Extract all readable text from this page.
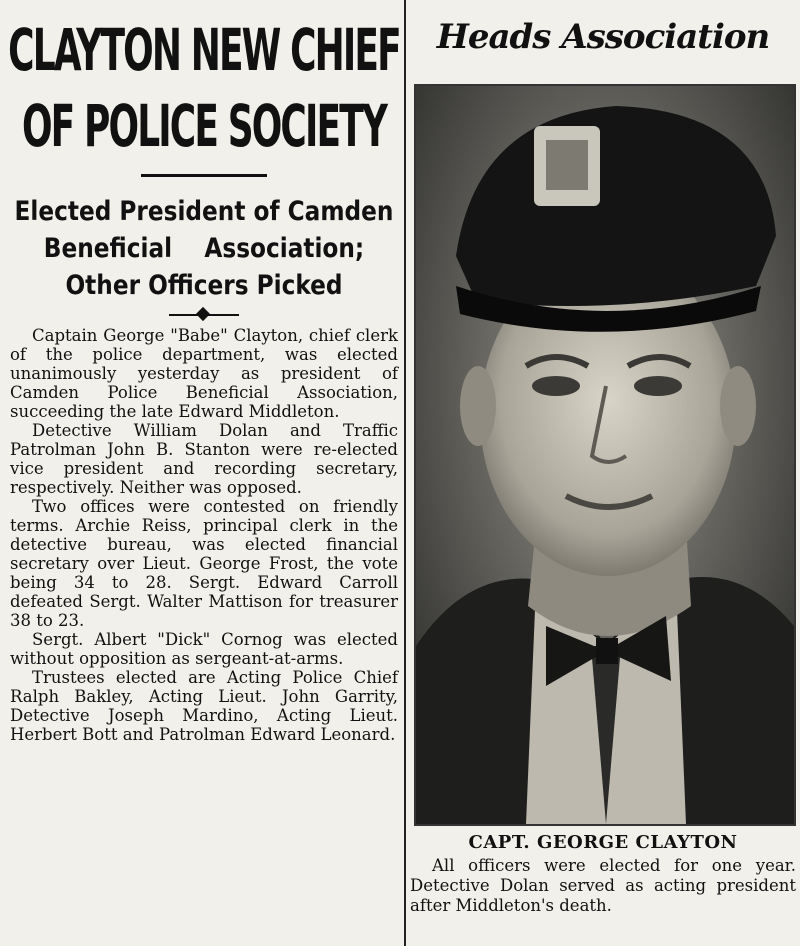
CLAYTON NEW CHIEF
OF POLICE SOCIETY
Elected President of Camden
Beneficial    Association;
Other Officers Picked

Captain George "Babe" Clayton, chief clerk of the police department, was elected unanimously yesterday as president of Camden Police Beneficial Association, succeeding the late Edward Middleton.

Detective William Dolan and Traffic Patrolman John B. Stanton were re-elected vice president and recording secretary, respectively. Neither was opposed.

Two offices were contested on friendly terms. Archie Reiss, principal clerk in the detective bureau, was elected financial secretary over Lieut. George Frost, the vote being 34 to 28. Sergt. Edward Carroll defeated Sergt. Walter Mattison for treasurer 38 to 23.

Sergt. Albert "Dick" Cornog was elected without opposition as sergeant-at-arms.

Trustees elected are Acting Police Chief Ralph Bakley, Acting Lieut. John Garrity, Detective Joseph Mardino, Acting Lieut. Herbert Bott and Patrolman Edward Leonard.

Heads Association
CAPT. GEORGE CLAYTON

All officers were elected for one year. Detective Dolan served as acting president after Middleton's death.
